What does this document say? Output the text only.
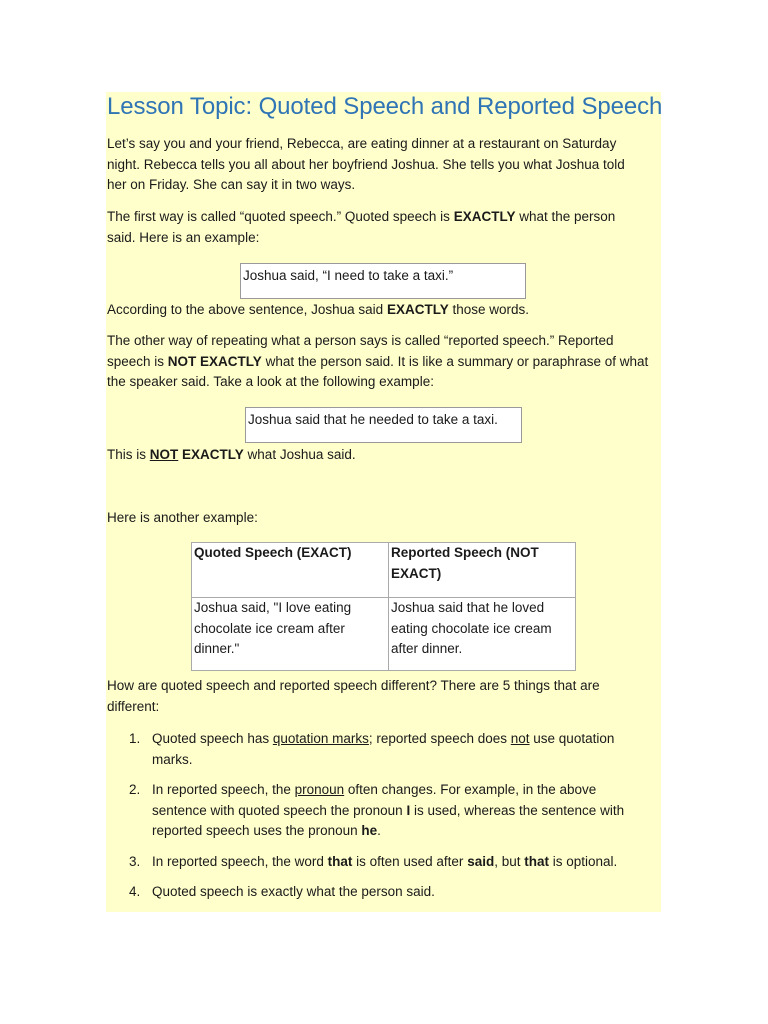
Lesson Topic: Quoted Speech and Reported Speech

Let’s say you and your friend, Rebecca, are eating dinner at a restaurant on Saturday
night. Rebecca tells you all about her boyfriend Joshua. She tells you what Joshua told
her on Friday. She can say it in two ways.

The first way is called “quoted speech.” Quoted speech is EXACTLY what the person
said. Here is an example:

Joshua said, “I need to take a taxi.”

According to the above sentence, Joshua said EXACTLY those words.

The other way of repeating what a person says is called “reported speech.” Reported
speech is NOT EXACTLY what the person said. It is like a summary or paraphrase of what
the speaker said. Take a look at the following example:

Joshua said that he needed to take a taxi.

This is NOT EXACTLY what Joshua said.

Here is another example:

Quoted Speech (EXACT)	Reported Speech (NOT
EXACT)

Joshua said, "I love eating
chocolate ice cream after
dinner."	Joshua said that he loved
eating chocolate ice cream
after dinner.

How are quoted speech and reported speech different? There are 5 things that are
different:

1. Quoted speech has quotation marks; reported speech does not use quotation
marks.
2. In reported speech, the pronoun often changes. For example, in the above
sentence with quoted speech the pronoun I is used, whereas the sentence with
reported speech uses the pronoun he.
3. In reported speech, the word that is often used after said, but that is optional.
4. Quoted speech is exactly what the person said.
